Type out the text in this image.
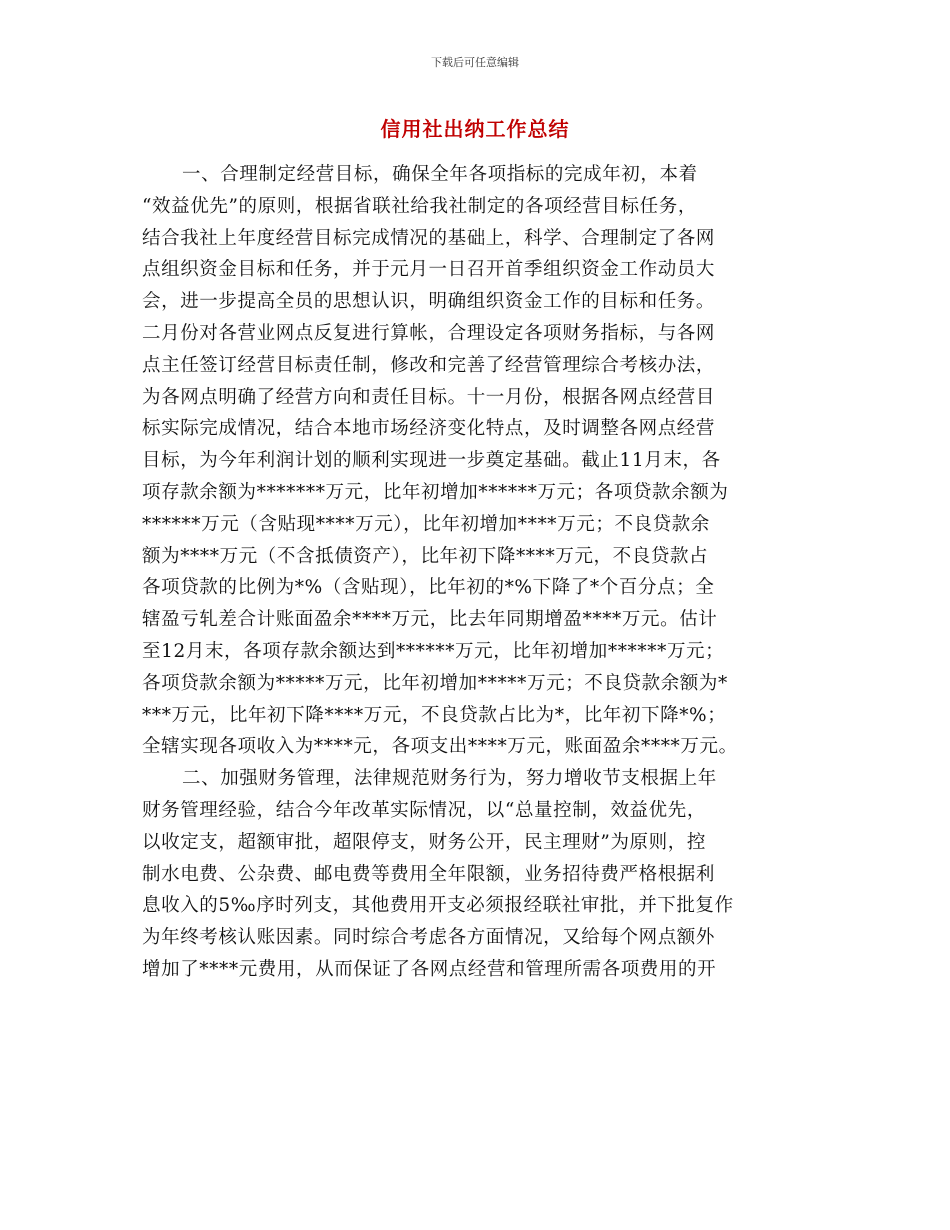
下载后可任意编辑
信用社出纳工作总结
一、合理制定经营目标，确保全年各项指标的完成年初，本着
“效益优先”的原则，根据省联社给我社制定的各项经营目标任务，
结合我社上年度经营目标完成情况的基础上，科学、合理制定了各网
点组织资金目标和任务，并于元月一日召开首季组织资金工作动员大
会，进一步提高全员的思想认识，明确组织资金工作的目标和任务。
二月份对各营业网点反复进行算帐，合理设定各项财务指标，与各网
点主任签订经营目标责任制，修改和完善了经营管理综合考核办法，
为各网点明确了经营方向和责任目标。十一月份，根据各网点经营目
标实际完成情况，结合本地市场经济变化特点，及时调整各网点经营
目标，为今年利润计划的顺利实现进一步奠定基础。截止11月末，各
项存款余额为*******万元，比年初增加******万元；各项贷款余额为
******万元（含贴现****万元），比年初增加****万元；不良贷款余
额为****万元（不含抵债资产），比年初下降****万元，不良贷款占
各项贷款的比例为*%（含贴现），比年初的*%下降了*个百分点；全
辖盈亏轧差合计账面盈余****万元，比去年同期增盈****万元。估计
至12月末，各项存款余额达到******万元，比年初增加******万元；
各项贷款余额为*****万元，比年初增加*****万元；不良贷款余额为*
***万元，比年初下降****万元，不良贷款占比为*，比年初下降*%；
全辖实现各项收入为****元，各项支出****万元，账面盈余****万元。
二、加强财务管理，法律规范财务行为，努力增收节支根据上年
财务管理经验，结合今年改革实际情况，以“总量控制，效益优先，
以收定支，超额审批，超限停支，财务公开，民主理财”为原则，控
制水电费、公杂费、邮电费等费用全年限额，业务招待费严格根据利
息收入的5‰序时列支，其他费用开支必须报经联社审批，并下批复作
为年终考核认账因素。同时综合考虑各方面情况，又给每个网点额外
增加了****元费用，从而保证了各网点经营和管理所需各项费用的开
